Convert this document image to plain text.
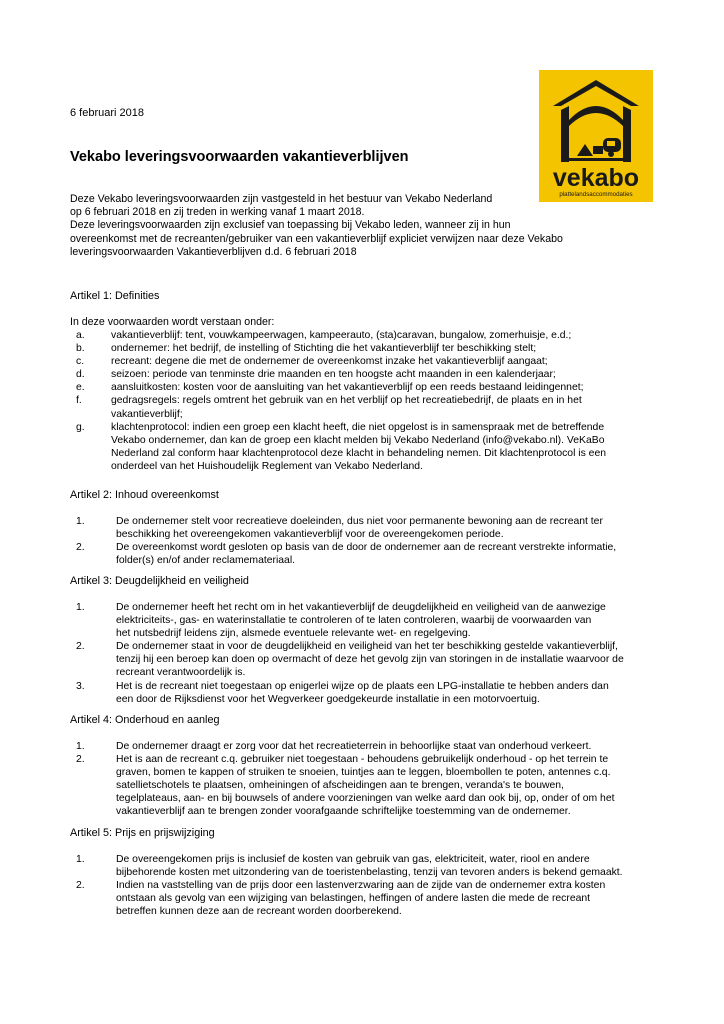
6 februari 2018
Vekabo leveringsvoorwaarden vakantieverblijven
vekabo
plattelandsaccommodaties
Deze Vekabo leveringsvoorwaarden zijn vastgesteld in het bestuur van Vekabo Nederland
op 6 februari 2018 en zij treden in werking vanaf 1 maart 2018.
Deze leveringsvoorwaarden zijn exclusief van toepassing bij Vekabo leden, wanneer zij in hun
overeenkomst met de recreanten/gebruiker van een vakantieverblijf expliciet verwijzen naar deze Vekabo
leveringsvoorwaarden Vakantieverblijven d.d. 6 februari 2018
Artikel 1: Definities
In deze voorwaarden wordt verstaan onder:
a.	vakantieverblijf: tent, vouwkampeerwagen, kampeerauto, (sta)caravan, bungalow, zomerhuisje, e.d.;
b.	ondernemer: het bedrijf, de instelling of Stichting die het vakantieverblijf ter beschikking stelt;
c.	recreant: degene die met de ondernemer de overeenkomst inzake het vakantieverblijf aangaat;
d.	seizoen: periode van tenminste drie maanden en ten hoogste acht maanden in een kalenderjaar;
e.	aansluitkosten: kosten voor de aansluiting van het vakantieverblijf op een reeds bestaand leidingennet;
f.	gedragsregels: regels omtrent het gebruik van en het verblijf op het recreatiebedrijf, de plaats en in het
vakantieverblijf;
g.	klachtenprotocol: indien een groep een klacht heeft, die niet opgelost is in samenspraak met de betreffende
Vekabo ondernemer, dan kan de groep een klacht melden bij Vekabo Nederland (info@vekabo.nl). VeKaBo
Nederland zal conform haar klachtenprotocol deze klacht in behandeling nemen. Dit klachtenprotocol is een
onderdeel van het Huishoudelijk Reglement van Vekabo Nederland.
Artikel 2: Inhoud overeenkomst
1.	De ondernemer stelt voor recreatieve doeleinden, dus niet voor permanente bewoning aan de recreant ter
beschikking het overeengekomen vakantieverblijf voor de overeengekomen periode.
2.	De overeenkomst wordt gesloten op basis van de door de ondernemer aan de recreant verstrekte informatie,
folder(s) en/of ander reclamemateriaal.
Artikel 3: Deugdelijkheid en veiligheid
1.	De ondernemer heeft het recht om in het vakantieverblijf de deugdelijkheid en veiligheid van de aanwezige
elektriciteits-, gas- en waterinstallatie te controleren of te laten controleren, waarbij de voorwaarden van
het nutsbedrijf leidens zijn, alsmede eventuele relevante wet- en regelgeving.
2.	De ondernemer staat in voor de deugdelijkheid en veiligheid van het ter beschikking gestelde vakantieverblijf,
tenzij hij een beroep kan doen op overmacht of deze het gevolg zijn van storingen in de installatie waarvoor de
recreant verantwoordelijk is.
3.	Het is de recreant niet toegestaan op enigerlei wijze op de plaats een LPG-installatie te hebben anders dan
een door de Rijksdienst voor het Wegverkeer goedgekeurde installatie in een motorvoertuig.
Artikel 4: Onderhoud en aanleg
1.	De ondernemer draagt er zorg voor dat het recreatieterrein in behoorlijke staat van onderhoud verkeert.
2.	Het is aan de recreant c.q. gebruiker niet toegestaan - behoudens gebruikelijk onderhoud - op het terrein te
graven, bomen te kappen of struiken te snoeien, tuintjes aan te leggen, bloembollen te poten, antennes c.q.
satellietschotels te plaatsen, omheiningen of afscheidingen aan te brengen, veranda's te bouwen,
tegelplateaus, aan- en bij bouwsels of andere voorzieningen van welke aard dan ook bij, op, onder of om het
vakantieverblijf aan te brengen zonder voorafgaande schriftelijke toestemming van de ondernemer.
Artikel 5: Prijs en prijswijziging
1.	De overeengekomen prijs is inclusief de kosten van gebruik van gas, elektriciteit, water, riool en andere
bijbehorende kosten met uitzondering van de toeristenbelasting, tenzij van tevoren anders is bekend gemaakt.
2.	Indien na vaststelling van de prijs door een lastenverzwaring aan de zijde van de ondernemer extra kosten
ontstaan als gevolg van een wijziging van belastingen, heffingen of andere lasten die mede de recreant
betreffen kunnen deze aan de recreant worden doorberekend.
